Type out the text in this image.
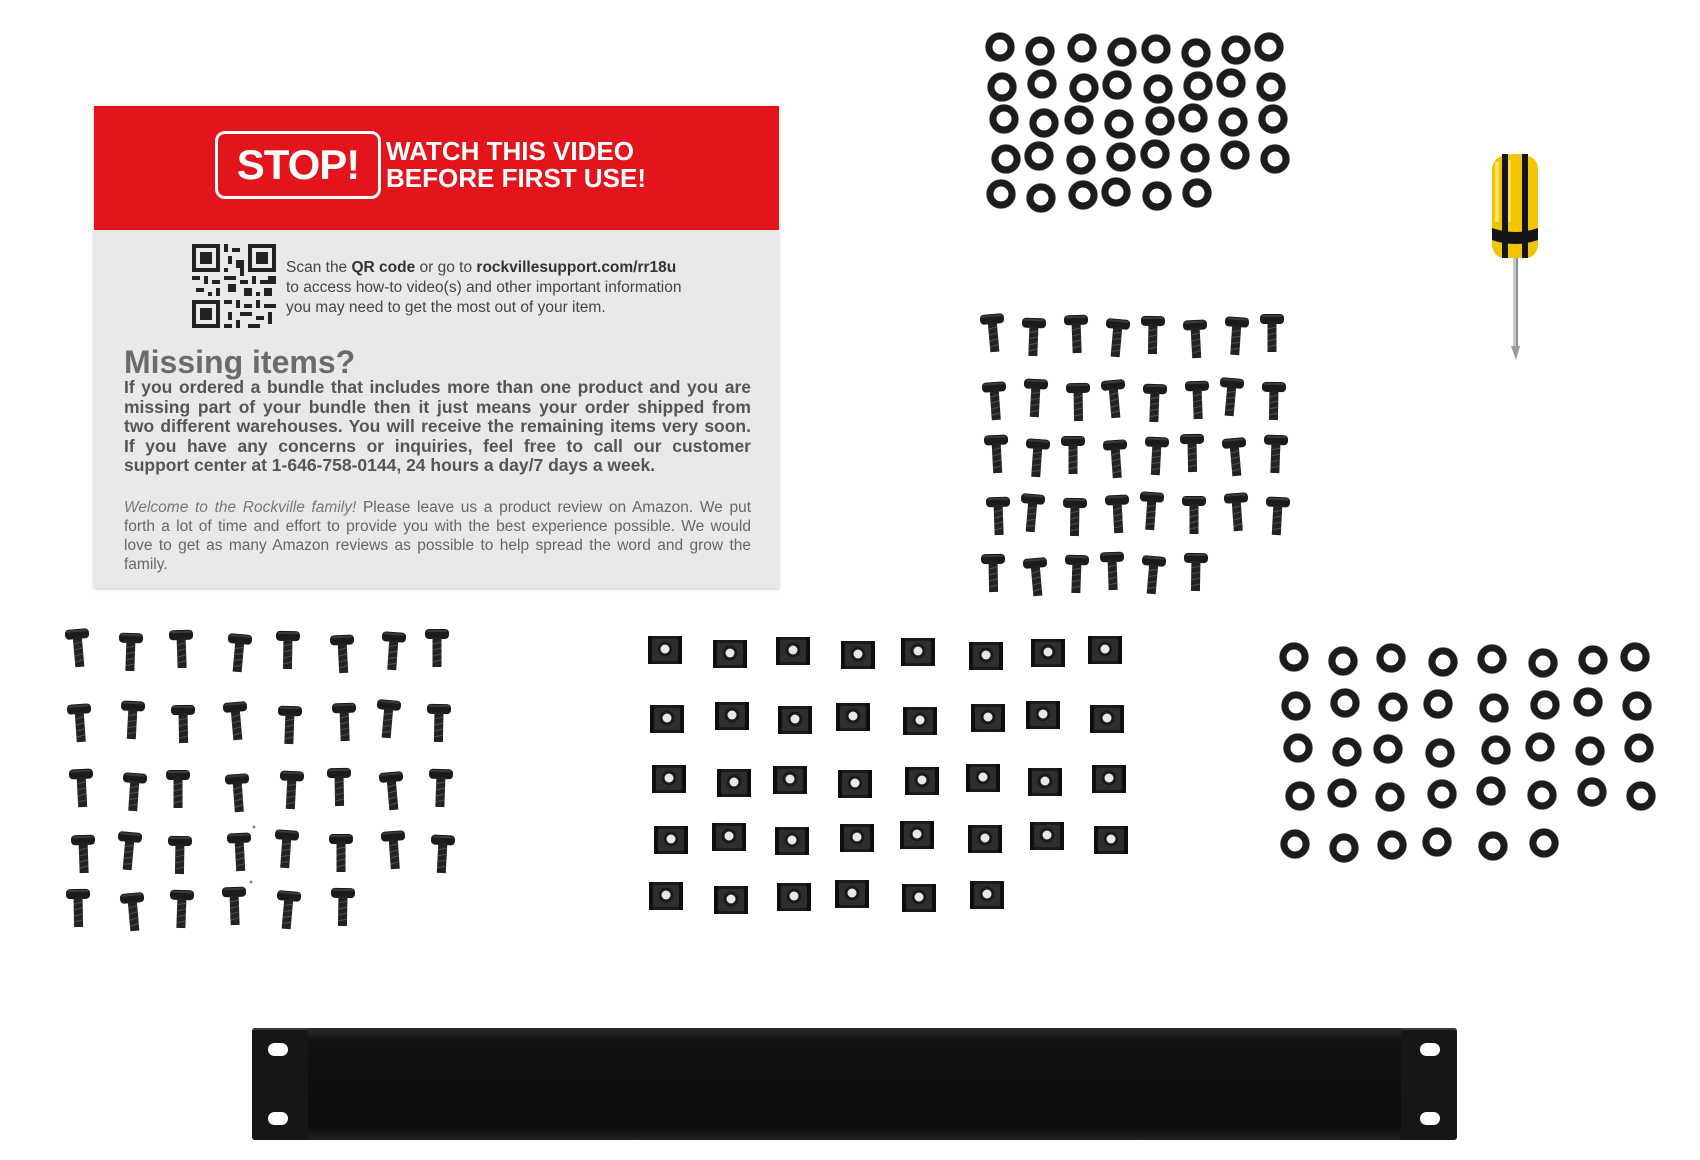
STOP!	WATCH THIS VIDEO
BEFORE FIRST USE!
Scan the QR code or go to rockvillesupport.com/rr18u
to access how-to video(s) and other important information
you may need to get the most out of your item.
Missing items?
If you ordered a bundle that includes more than one product and you are missing part of your bundle then it just means your order shipped from two different warehouses. You will receive the remaining items very soon. If you have any concerns or inquiries, feel free to call our customer support center at 1-646-758-0144, 24 hours a day/7 days a week.
Welcome to the Rockville family! Please leave us a product review on Amazon. We put forth a lot of time and effort to provide you with the best experience possible. We would love to get as many Amazon reviews as possible to help spread the word and grow the family.
